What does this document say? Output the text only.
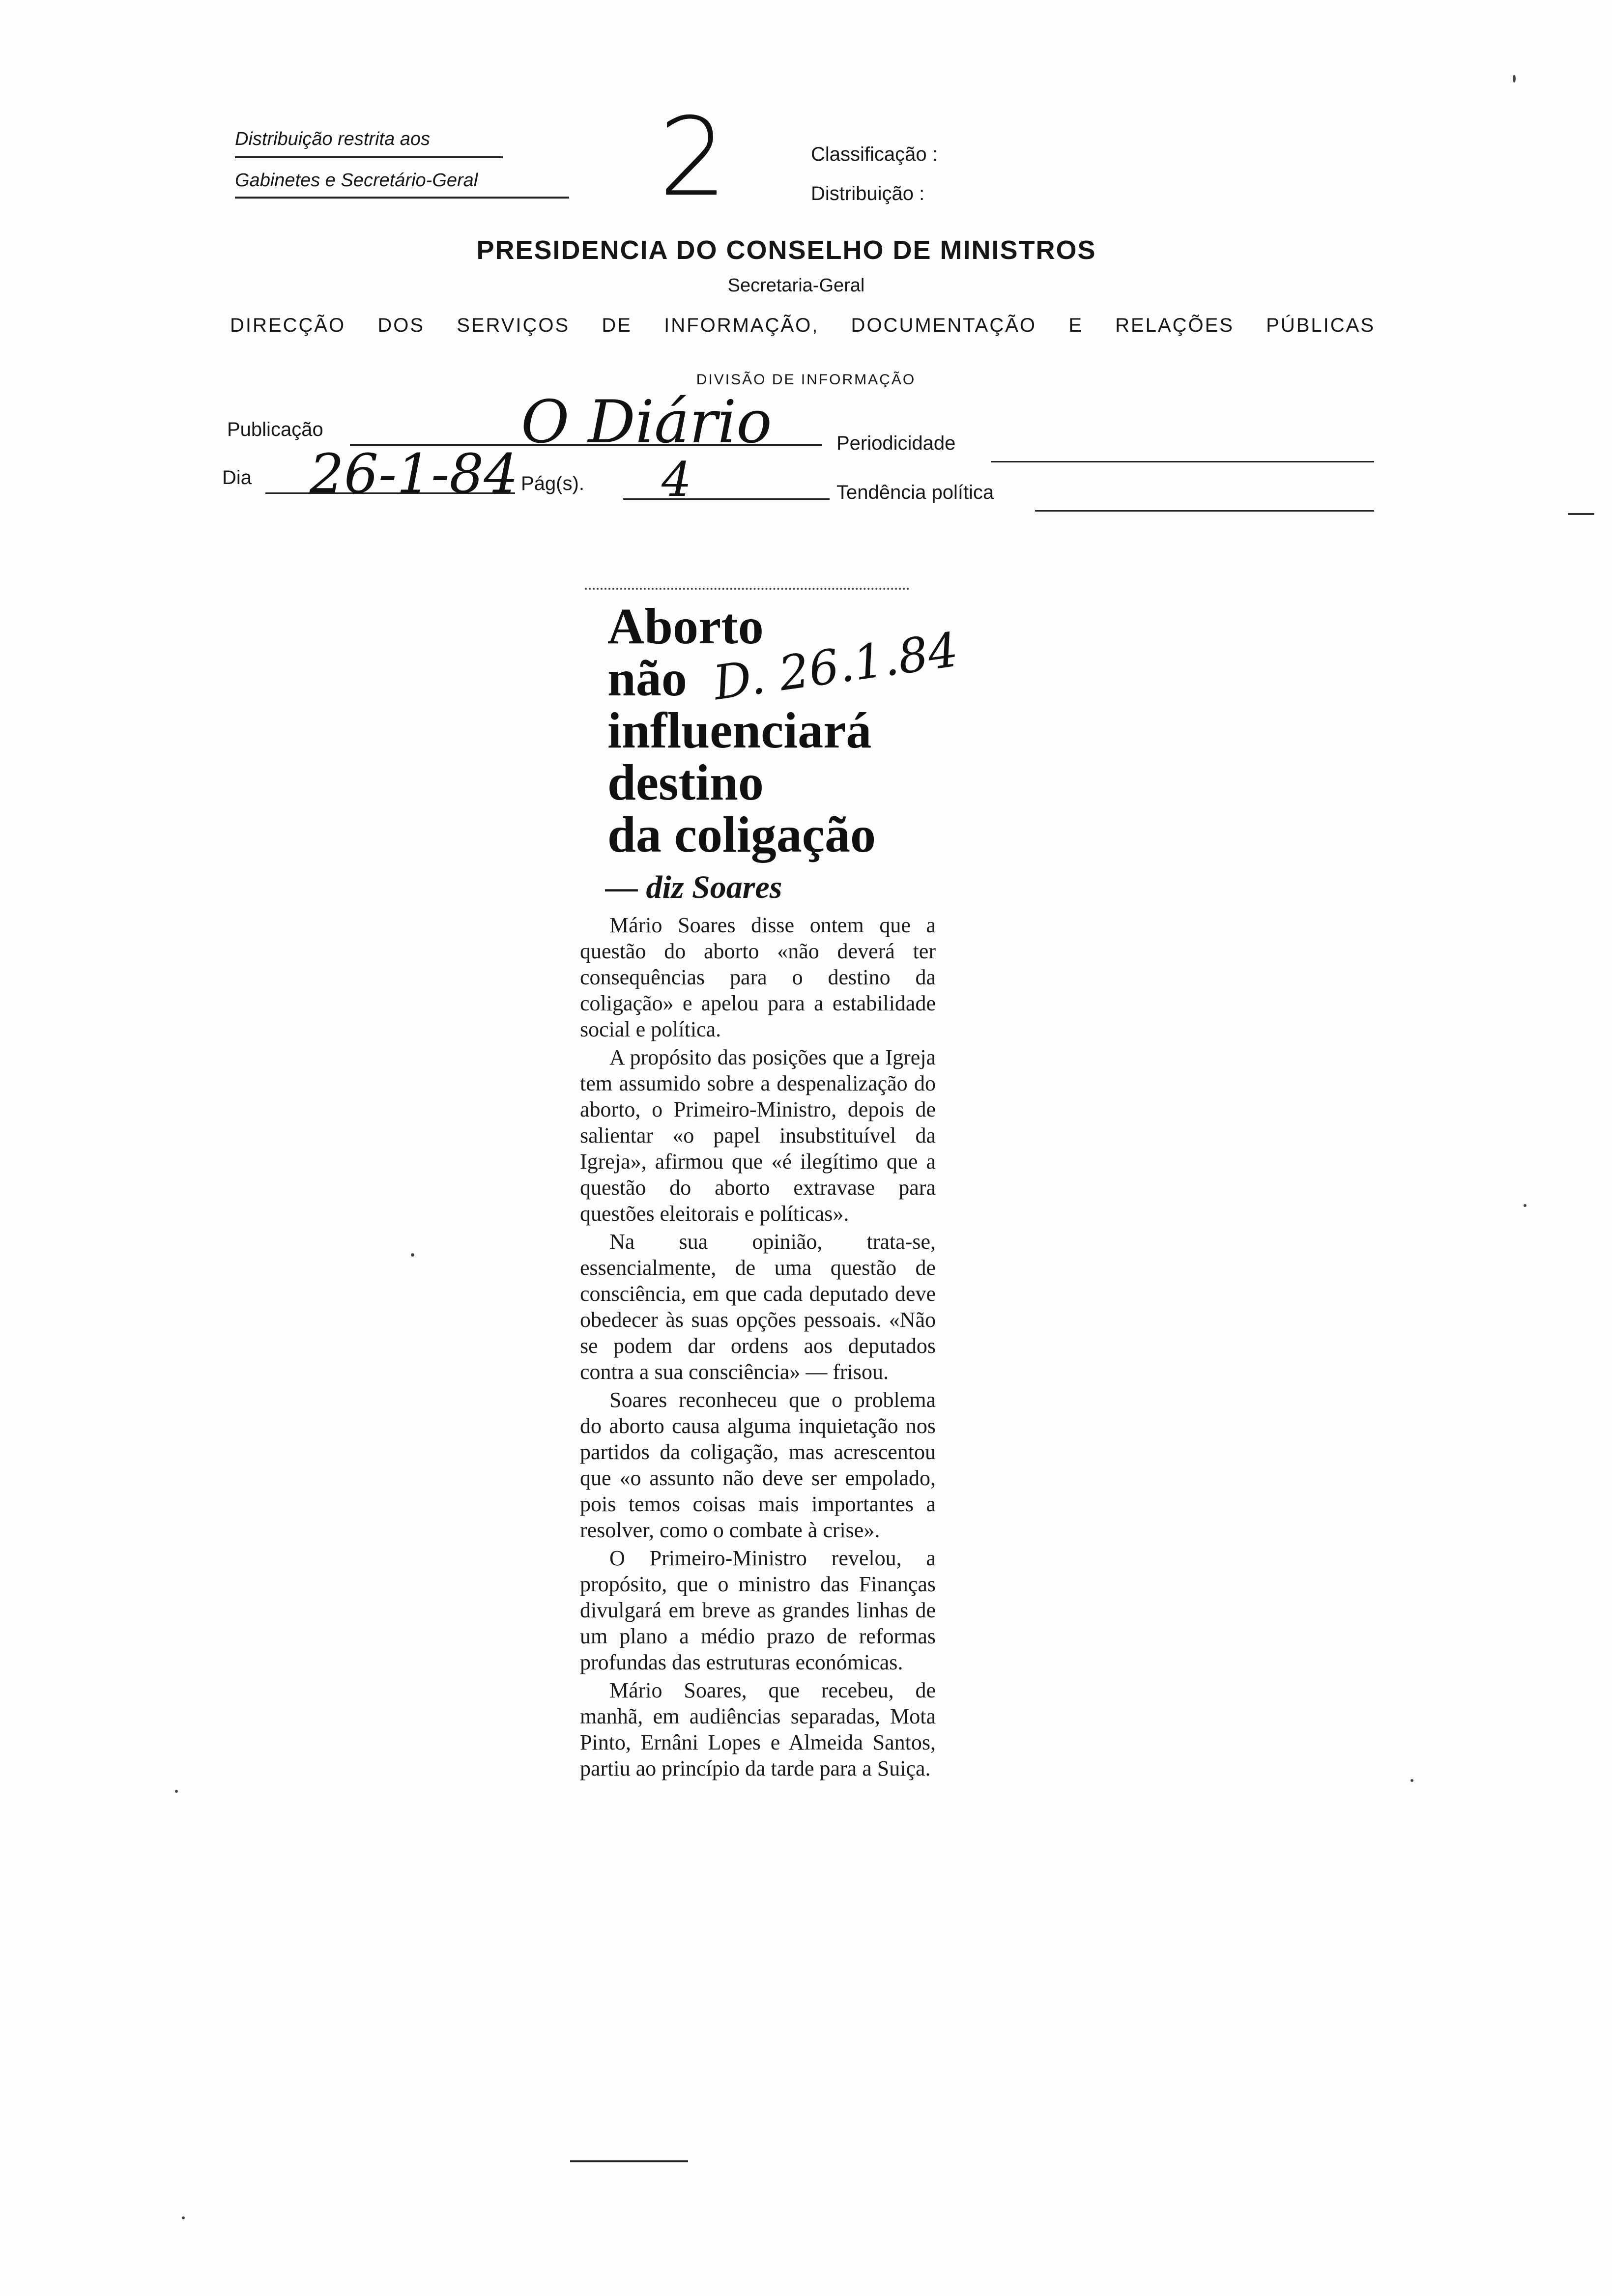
Distribuição restrita aos
Gabinetes e Secretário-Geral 2	Classificação :
Distribuição :
PRESIDENCIA DO CONSELHO DE MINISTROS
Secretaria-Geral
DIRECÇÃO DOS SERVIÇOS DE INFORMAÇÃO, DOCUMENTAÇÃO E RELAÇÕES PÚBLICAS
DIVISÃO DE INFORMAÇÃO
Publicação	O Diário	Periodicidade
Dia 26-1-84 Pág(s). 4	Tendência política
Aborto
não
influenciará
destino
da coligação
D. 26.1.84
— diz Soares

Mário Soares disse ontem que a questão do aborto «não deverá ter consequências para o destino da coligação» e apelou para a estabilidade social e política.

A propósito das posições que a Igreja tem assumido sobre a despenalização do aborto, o Primeiro-Ministro, depois de salientar «o papel insubstituível da Igreja», afirmou que «é ilegítimo que a questão do aborto extravase para questões eleitorais e políticas».

Na sua opinião, trata-se, essencialmente, de uma questão de consciência, em que cada deputado deve obedecer às suas opções pessoais. «Não se podem dar ordens aos deputados contra a sua consciência» — frisou.

Soares reconheceu que o problema do aborto causa alguma inquietação nos partidos da coligação, mas acrescentou que «o assunto não deve ser empolado, pois temos coisas mais importantes a resolver, como o combate à crise».

O Primeiro-Ministro revelou, a propósito, que o ministro das Finanças divulgará em breve as grandes linhas de um plano a médio prazo de reformas profundas das estruturas económicas.

Mário Soares, que recebeu, de manhã, em audiências separadas, Mota Pinto, Ernâni Lopes e Almeida Santos, partiu ao princípio da tarde para a Suiça.
